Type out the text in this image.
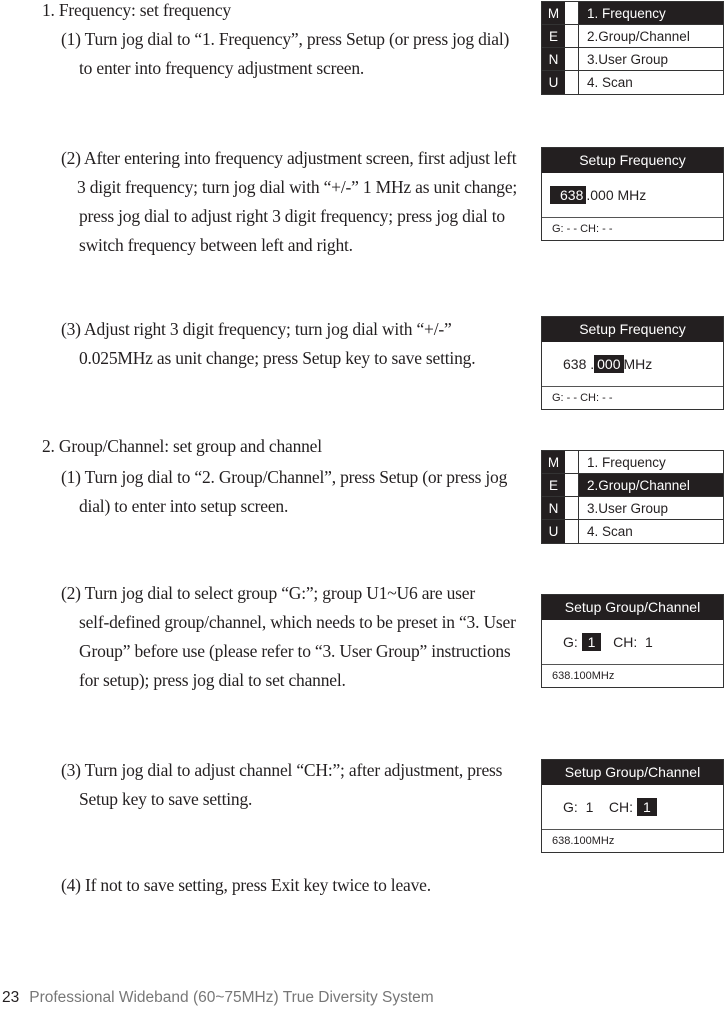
1. Frequency: set frequency
(1) Turn jog dial to “1. Frequency”, press Setup (or press jog dial)
to enter into frequency adjustment screen.
(2) After entering into frequency adjustment screen, first adjust left
3 digit frequency; turn jog dial with “+/-” 1 MHz as unit change;
press jog dial to adjust right 3 digit frequency; press jog dial to
switch frequency between left and right.
(3) Adjust right 3 digit frequency; turn jog dial with “+/-”
0.025MHz as unit change; press Setup key to save setting.
2. Group/Channel: set group and channel
(1) Turn jog dial to “2. Group/Channel”, press Setup (or press jog
dial) to enter into setup screen.
(2) Turn jog dial to select group “G:”; group U1~U6 are user
self-defined group/channel, which needs to be preset in “3. User
Group” before use (please refer to “3. User Group” instructions
for setup); press jog dial to set channel.
(3) Turn jog dial to adjust channel “CH:”; after adjustment, press
Setup key to save setting.
(4) If not to save setting, press Exit key twice to leave.
M	1. Frequency
E	2.Group/Channel
N	3.User Group
U	4. Scan
Setup Frequency
638 .000 MHz
G: - - CH: - -
Setup Frequency
638 . 000 MHz
G: - - CH: - -
M	1. Frequency
E	2.Group/Channel
N	3.User Group
U	4. Scan
Setup Group/Channel
G: 1 CH: 1
638.100MHz
Setup Group/Channel
G: 1 CH: 1
638.100MHz
23 Professional Wideband (60~75MHz) True Diversity System
